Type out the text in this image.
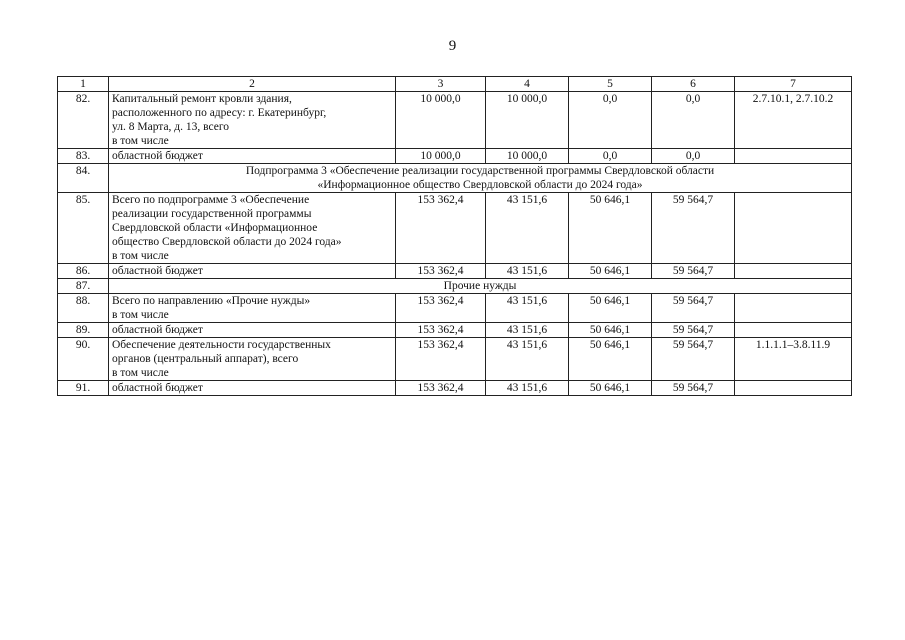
9
1	2	3	4	5	6	7
82.	Капитальный ремонт кровли здания,
расположенного по адресу: г. Екатеринбург,
ул. 8 Марта, д. 13, всего
в том числе	10 000,0	10 000,0	0,0	0,0	2.7.10.1, 2.7.10.2
83.	областной бюджет	10 000,0	10 000,0	0,0	0,0	
84.	Подпрограмма 3 «Обеспечение реализации государственной программы Свердловской области
«Информационное общество Свердловской области до 2024 года»					

85.	Всего по подпрограмме 3 «Обеспечение
реализации государственной программы
Свердловской области «Информационное
общество Свердловской области до 2024 года»
в том числе	153 362,4	43 151,6	50 646,1	59 564,7	
86.	областной бюджет	153 362,4	43 151,6	50 646,1	59 564,7	
87.	Прочие нужды					

88.	Всего по направлению «Прочие нужды»
в том числе	153 362,4	43 151,6	50 646,1	59 564,7	
89.	областной бюджет	153 362,4	43 151,6	50 646,1	59 564,7	
90.	Обеспечение деятельности государственных
органов (центральный аппарат), всего
в том числе	153 362,4	43 151,6	50 646,1	59 564,7	1.1.1.1–3.8.11.9
91.	областной бюджет	153 362,4	43 151,6	50 646,1	59 564,7	
